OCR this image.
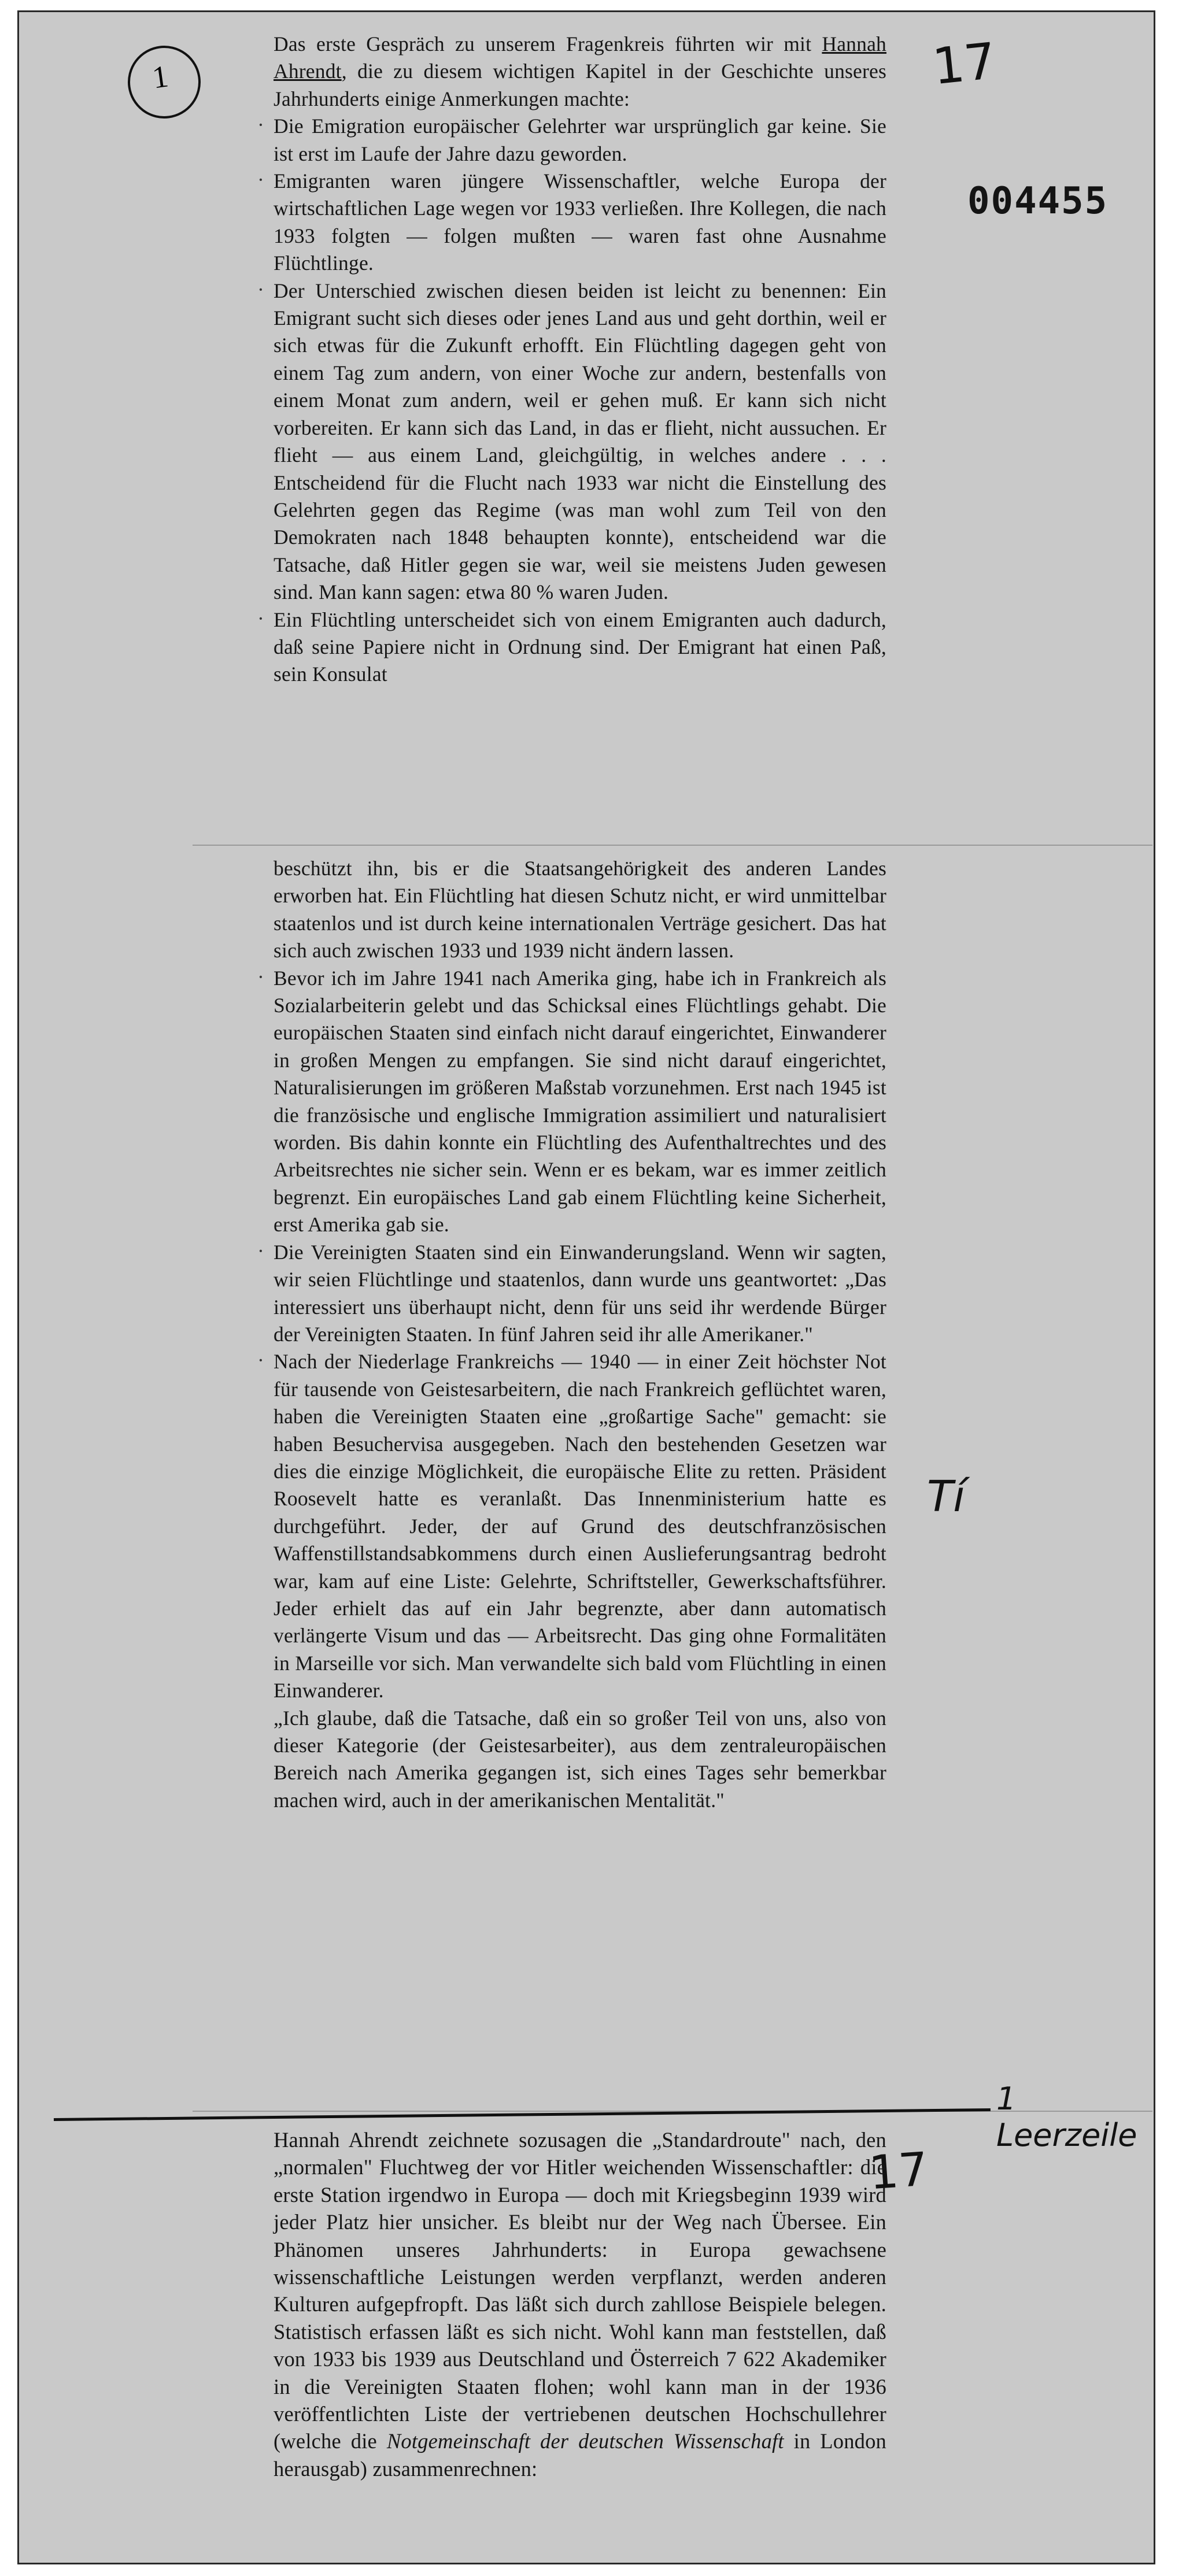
1	17
004455

Das erste Gespräch zu unserem Fragenkreis führten wir mit Hannah Ahrendt, die zu diesem wichtigen Kapitel in der Geschichte unseres Jahrhunderts einige Anmerkungen machte:

· Die Emigration europäischer Gelehrter war ursprünglich gar keine. Sie ist erst im Laufe der Jahre dazu geworden.

· Emigranten waren jüngere Wissenschaftler, welche Europa der wirtschaftlichen Lage wegen vor 1933 verließen. Ihre Kollegen, die nach 1933 folgten — folgen mußten — waren fast ohne Ausnahme Flüchtlinge.

· Der Unterschied zwischen diesen beiden ist leicht zu benennen: Ein Emigrant sucht sich dieses oder jenes Land aus und geht dorthin, weil er sich etwas für die Zukunft erhofft. Ein Flüchtling dagegen geht von einem Tag zum andern, von einer Woche zur andern, bestenfalls von einem Monat zum andern, weil er gehen muß. Er kann sich nicht vorbereiten. Er kann sich das Land, in das er flieht, nicht aussuchen. Er flieht — aus einem Land, gleichgültig, in welches andere . . . Entscheidend für die Flucht nach 1933 war nicht die Einstellung des Gelehrten gegen das Regime (was man wohl zum Teil von den Demokraten nach 1848 behaupten konnte), entscheidend war die Tatsache, daß Hitler gegen sie war, weil sie meistens Juden gewesen sind. Man kann sagen: etwa 80 % waren Juden.

· Ein Flüchtling unterscheidet sich von einem Emigranten auch dadurch, daß seine Papiere nicht in Ordnung sind. Der Emigrant hat einen Paß, sein Konsulat

beschützt ihn, bis er die Staatsangehörigkeit des anderen Landes erworben hat. Ein Flüchtling hat diesen Schutz nicht, er wird unmittelbar staatenlos und ist durch keine internationalen Verträge gesichert. Das hat sich auch zwischen 1933 und 1939 nicht ändern lassen.

· Bevor ich im Jahre 1941 nach Amerika ging, habe ich in Frankreich als Sozialarbeiterin gelebt und das Schicksal eines Flüchtlings gehabt. Die europäischen Staaten sind einfach nicht darauf eingerichtet, Einwanderer in großen Mengen zu empfangen. Sie sind nicht darauf eingerichtet, Naturalisierungen im größeren Maßstab vorzunehmen. Erst nach 1945 ist die französische und englische Immigration assimiliert und naturalisiert worden. Bis dahin konnte ein Flüchtling des Aufenthaltrechtes und des Arbeitsrechtes nie sicher sein. Wenn er es bekam, war es immer zeitlich begrenzt. Ein europäisches Land gab einem Flüchtling keine Sicherheit, erst Amerika gab sie.

· Die Vereinigten Staaten sind ein Einwanderungsland. Wenn wir sagten, wir seien Flüchtlinge und staatenlos, dann wurde uns geantwortet: „Das interessiert uns überhaupt nicht, denn für uns seid ihr werdende Bürger der Vereinigten Staaten. In fünf Jahren seid ihr alle Amerikaner."

· Nach der Niederlage Frankreichs — 1940 — in einer Zeit höchster Not für tausende von Geistesarbeitern, die nach Frankreich geflüchtet waren, haben die Vereinigten Staaten eine „großartige Sache" gemacht: sie haben Besuchervisa ausgegeben. Nach den bestehenden Gesetzen war dies die einzige Möglichkeit, die europäische Elite zu retten. Präsident Roosevelt hatte es veranlaßt. Das Innenministerium hatte es durchgeführt. Jeder, der auf Grund des deutschfranzösischen Waffenstillstandsabkommens durch einen Auslieferungsantrag bedroht war, kam auf eine Liste: Gelehrte, Schriftsteller, Gewerkschaftsführer. Jeder erhielt das auf ein Jahr begrenzte, aber dann automatisch verlängerte Visum und das — Arbeitsrecht. Das ging ohne Formalitäten in Marseille vor sich. Man verwandelte sich bald vom Flüchtling in einen Einwanderer.

„Ich glaube, daß die Tatsache, daß ein so großer Teil von uns, also von dieser Kategorie (der Geistesarbeiter), aus dem zentraleuropäischen Bereich nach Amerika gegangen ist, sich eines Tages sehr bemerkbar machen wird, auch in der amerikanischen Mentalität."

Tí
1 Leerzeile
17

Hannah Ahrendt zeichnete sozusagen die „Standardroute" nach, den „normalen" Fluchtweg der vor Hitler weichenden Wissenschaftler: die erste Station irgendwo in Europa — doch mit Kriegsbeginn 1939 wird jeder Platz hier unsicher. Es bleibt nur der Weg nach Übersee. Ein Phänomen unseres Jahrhunderts: in Europa gewachsene wissenschaftliche Leistungen werden verpflanzt, werden anderen Kulturen aufgepfropft. Das läßt sich durch zahllose Beispiele belegen. Statistisch erfassen läßt es sich nicht. Wohl kann man feststellen, daß von 1933 bis 1939 aus Deutschland und Österreich 7 622 Akademiker in die Vereinigten Staaten flohen; wohl kann man in der 1936 veröffentlichten Liste der vertriebenen deutschen Hochschullehrer (welche die Notgemeinschaft der deutschen Wissenschaft in London herausgab) zusammenrechnen:
